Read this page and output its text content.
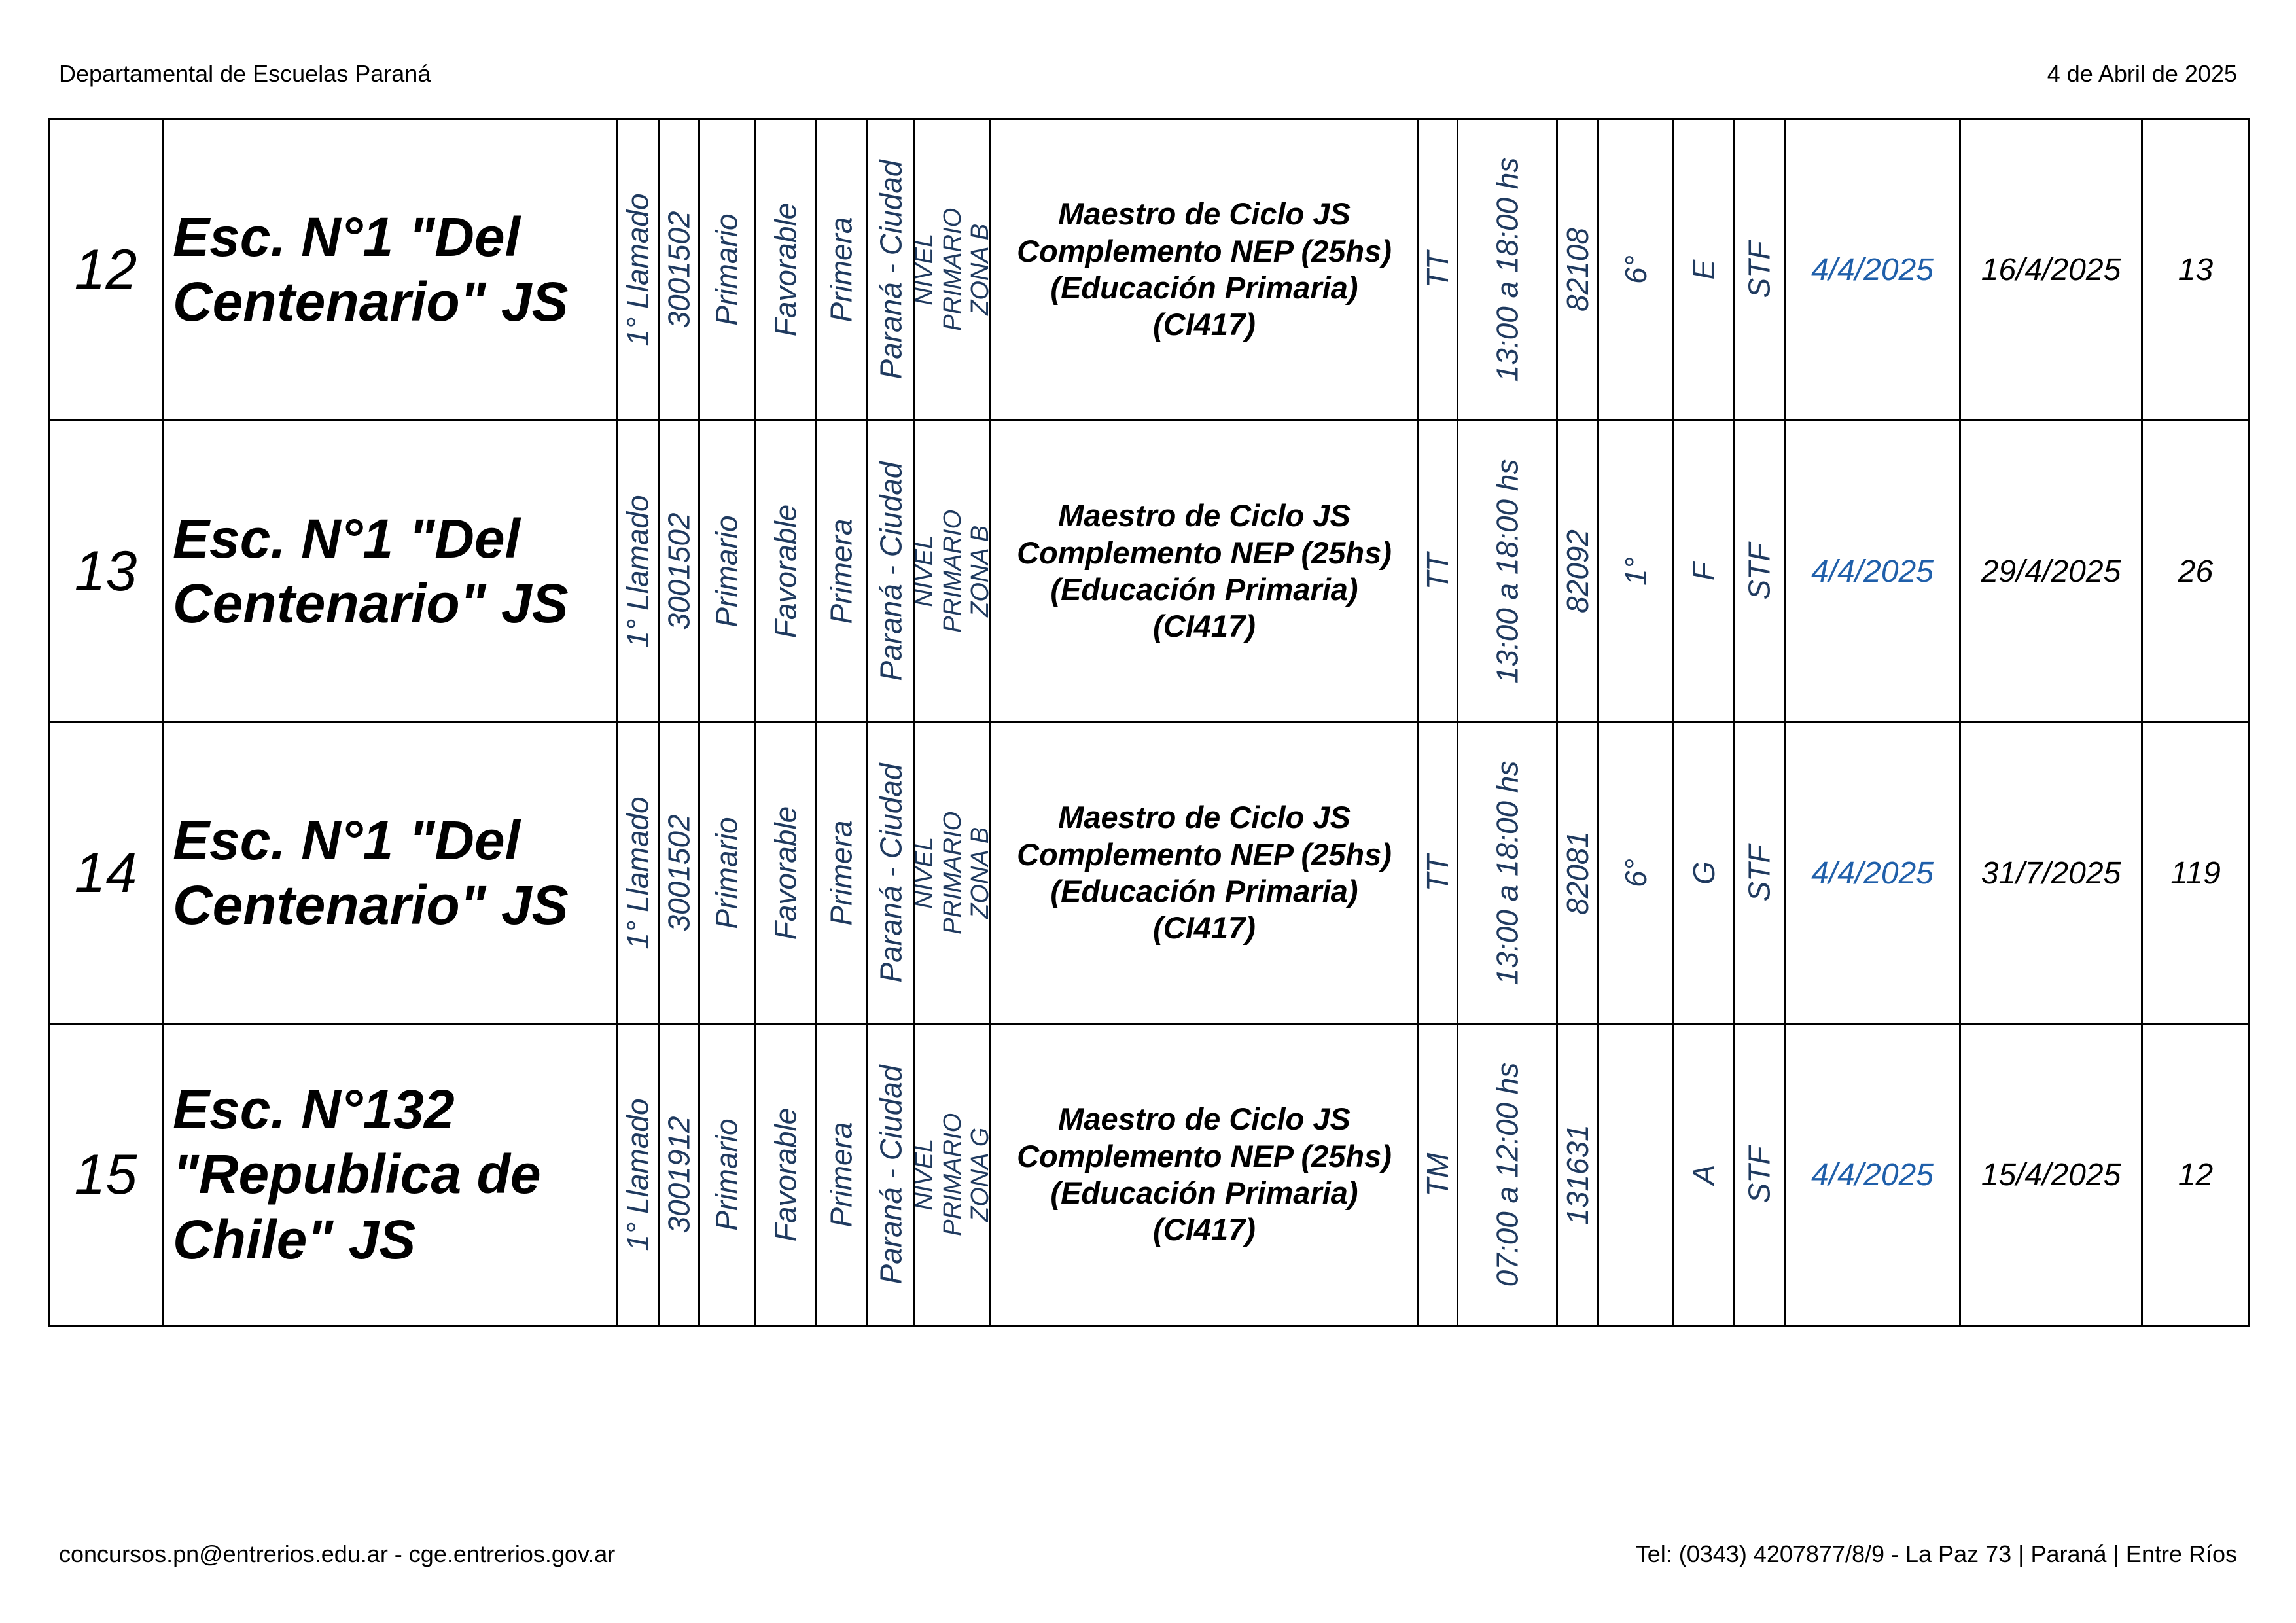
Departamental de Escuelas Paraná	4 de Abril de 2025
12	Esc. N°1 "Del Centenario" JS	1° Llamado	3001502	Primario	Favorable	Primera	Paraná - Ciudad	NIVEL PRIMARIO ZONA B	Maestro de Ciclo JS Complemento NEP (25hs) (Educación Primaria) (CI417)	TT	13:00 a 18:00 hs	82108	6°	E	STF	4/4/2025	16/4/2025	13

13	Esc. N°1 "Del Centenario" JS	1° Llamado	3001502	Primario	Favorable	Primera	Paraná - Ciudad	NIVEL PRIMARIO ZONA B	Maestro de Ciclo JS Complemento NEP (25hs) (Educación Primaria) (CI417)	TT	13:00 a 18:00 hs	82092	1°	F	STF	4/4/2025	29/4/2025	26

14	Esc. N°1 "Del Centenario" JS	1° Llamado	3001502	Primario	Favorable	Primera	Paraná - Ciudad	NIVEL PRIMARIO ZONA B	Maestro de Ciclo JS Complemento NEP (25hs) (Educación Primaria) (CI417)	TT	13:00 a 18:00 hs	82081	6°	G	STF	4/4/2025	31/7/2025	119

15	Esc. N°132 "Republica de Chile" JS	1° Llamado	3001912	Primario	Favorable	Primera	Paraná - Ciudad	NIVEL PRIMARIO ZONA G	Maestro de Ciclo JS Complemento NEP (25hs) (Educación Primaria) (CI417)	TM	07:00 a 12:00 hs	131631		A	STF	4/4/2025	15/4/2025	12
concursos.pn@entrerios.edu.ar - cge.entrerios.gov.ar	Tel: (0343) 4207877/8/9 - La Paz 73 | Paraná | Entre Ríos
